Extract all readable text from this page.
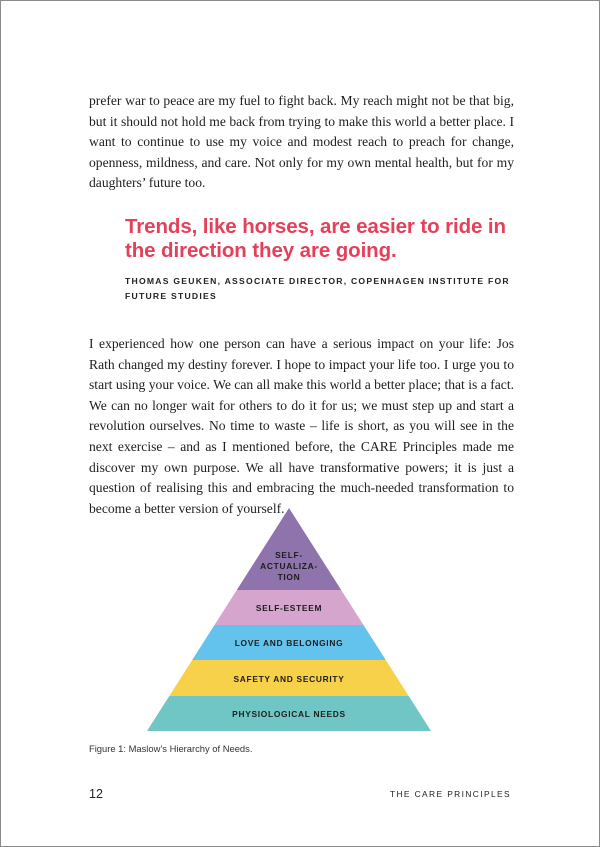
prefer war to peace are my fuel to fight back. My reach might not be that big, but it should not hold me back from trying to make this world a better place. I want to continue to use my voice and modest reach to preach for change, openness, mildness, and care. Not only for my own mental health, but for my daughters’ future too.

Trends, like horses, are easier to ride in the direction they are going.

THOMAS GEUKEN, ASSOCIATE DIRECTOR, COPENHAGEN INSTITUTE FOR FUTURE STUDIES

I experienced how one person can have a serious impact on your life: Jos Rath changed my destiny forever. I hope to impact your life too. I urge you to start using your voice. We can all make this world a better place; that is a fact. We can no longer wait for others to do it for us; we must step up and start a revolution ourselves. No time to waste – life is short, as you will see in the next exercise – and as I mentioned before, the CARE Principles made me discover my own purpose. We all have transformative powers; it is just a question of realising this and embracing the much-needed transformation to become a better version of yourself.

SELF-
ACTUALIZA-
TION
SELF-ESTEEM
LOVE AND BELONGING
SAFETY AND SECURITY
PHYSIOLOGICAL NEEDS

Figure 1: Maslow’s Hierarchy of Needs.

12	THE CARE PRINCIPLES
